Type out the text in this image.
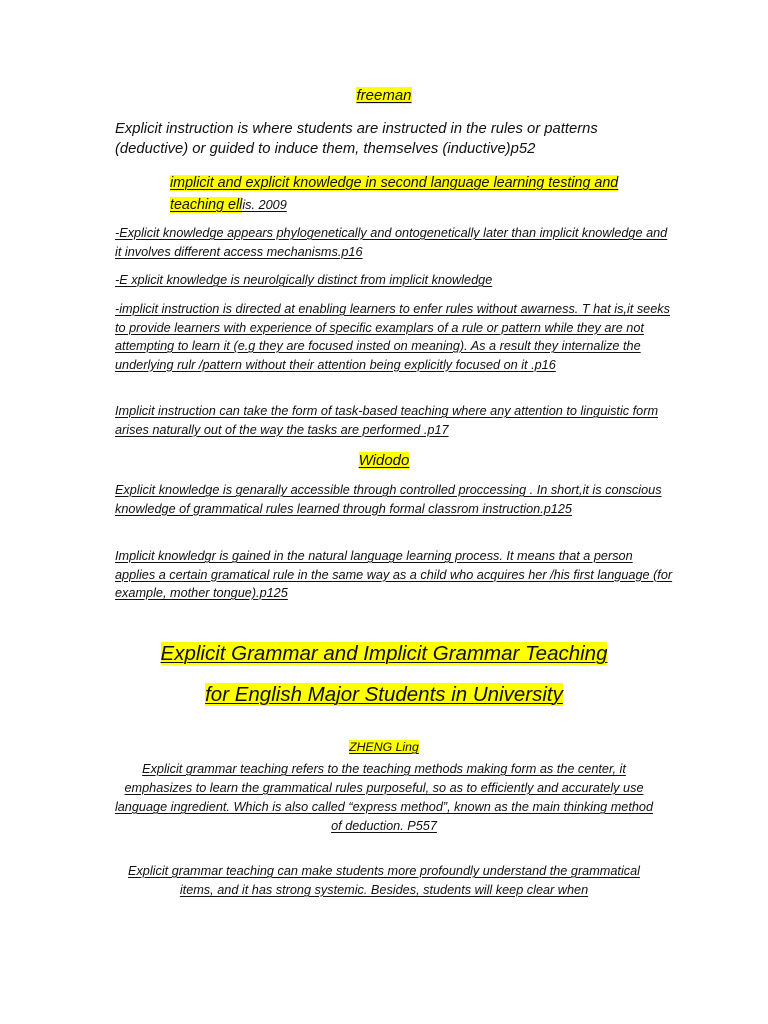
freeman
Explicit instruction is where students are instructed in the rules or patterns (deductive) or guided to induce them, themselves (inductive)p52
implicit and explicit knowledge in second language learning testing and teaching ellis. 2009
-Explicit knowledge appears phylogenetically and ontogenetically later than implicit knowledge and it involves different access mechanisms.p16
-E xplicit knowledge is neurolgically distinct from implicit knowledge
-implicit instruction is directed at enabling learners to enfer rules without awarness. T hat is,it seeks to provide learners with experience of specific examplars of a rule or pattern while they are not attempting to learn it (e.g they are focused insted on meaning). As a result they internalize the underlying rulr /pattern without their attention being explicitly focused on it .p16
Implicit instruction can take the form of task-based teaching where any attention to linguistic form arises naturally out of the way the tasks are performed .p17
Widodo
Explicit knowledge is genarally accessible through controlled proccessing . In short,it is conscious knowledge of grammatical rules learned through formal classrom instruction.p125
Implicit knowledgr is gained in the natural language learning process. It means that a person applies a certain gramatical rule in the same way as a child who acquires her /his first language (for example, mother tongue).p125
Explicit Grammar and Implicit Grammar Teaching
for English Major Students in University
ZHENG Ling
Explicit grammar teaching refers to the teaching methods making form as the center, it emphasizes to learn the grammatical rules purposeful, so as to efficiently and accurately use language ingredient. Which is also called “express method”, known as the main thinking method of deduction. P557
Explicit grammar teaching can make students more profoundly understand the grammatical items, and it has strong systemic. Besides, students will keep clear when
